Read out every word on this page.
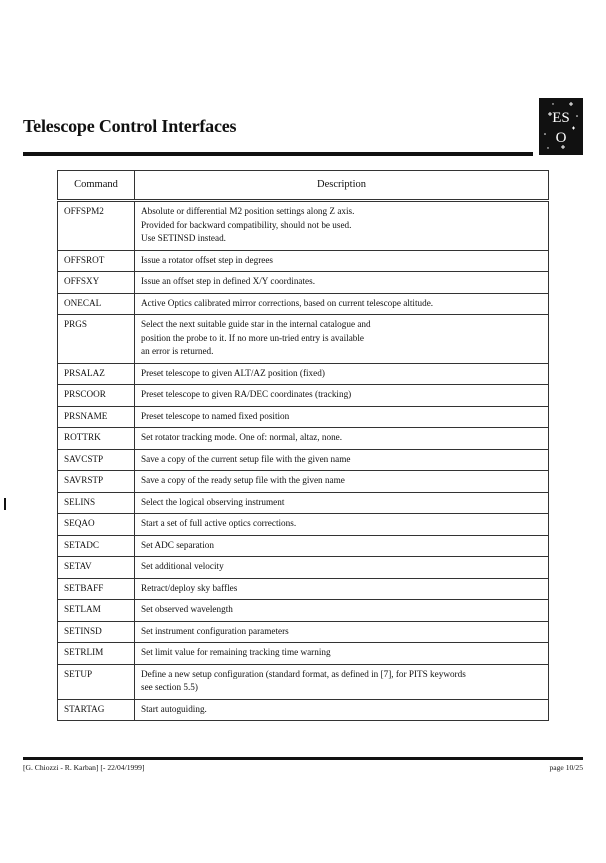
Telescope Control Interfaces	ES
O
Command	Description
OFFSPM2	Absolute or differential M2 position settings along Z axis.
Provided for backward compatibility, should not be used.
Use SETINSD instead.
OFFSROT	Issue a rotator offset step in degrees
OFFSXY	Issue an offset step in defined X/Y coordinates.
ONECAL	Active Optics calibrated mirror corrections, based on current telescope altitude.
PRGS	Select the next suitable guide star in the internal catalogue and
position the probe to it. If no more un-tried entry is available
an error is returned.
PRSALAZ	Preset telescope to given ALT/AZ position (fixed)
PRSCOOR	Preset telescope to given RA/DEC coordinates (tracking)
PRSNAME	Preset telescope to named fixed position
ROTTRK	Set rotator tracking mode. One of: normal, altaz, none.
SAVCSTP	Save a copy of the current setup file with the given name
SAVRSTP	Save a copy of the ready setup file with the given name
SELINS	Select the logical observing instrument
SEQAO	Start a set of full active optics corrections.
SETADC	Set ADC separation
SETAV	Set additional velocity
SETBAFF	Retract/deploy sky baffles
SETLAM	Set observed wavelength
SETINSD	Set instrument configuration parameters
SETRLIM	Set limit value for remaining tracking time warning
SETUP	Define a new setup configuration (standard format, as defined in [7], for PITS keywords
see section 5.5)
STARTAG	Start autoguiding.
[G. Chiozzi - R. Karban] [- 22/04/1999]	page 10/25
